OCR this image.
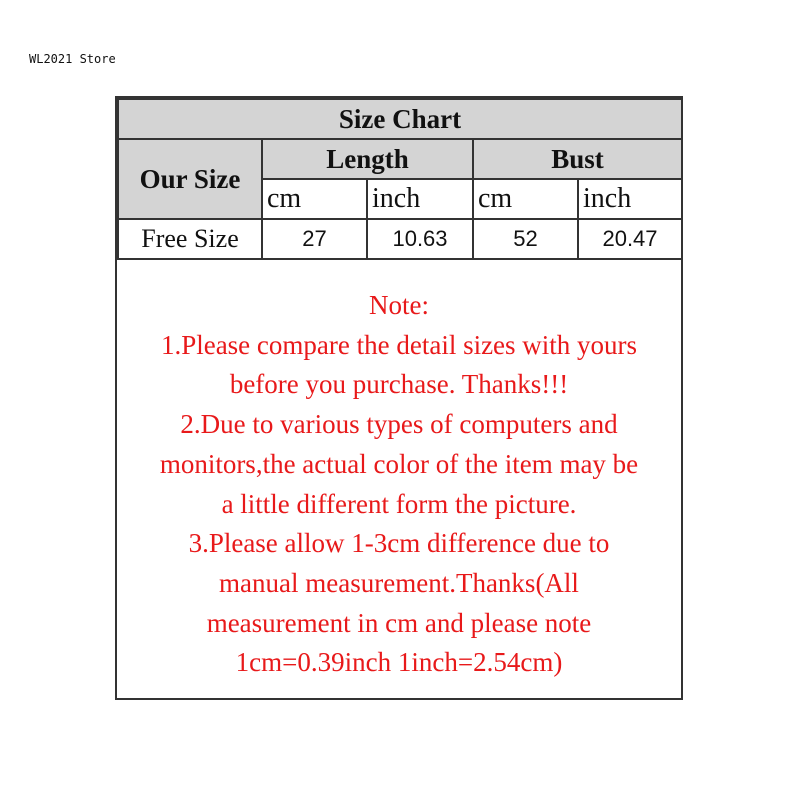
WL2021 Store
Size Chart				
Our Size	Length		Bust	
	cm	inch	cm	inch
Free Size	27	10.63	52	20.47
Note:
1.Please compare the detail sizes with yours
before you purchase. Thanks!!!
2.Due to various types of computers and
monitors,the actual color of the item may be
a little different form the picture.
3.Please allow 1-3cm difference due to
manual measurement.Thanks(All
measurement in cm and please note
1cm=0.39inch 1inch=2.54cm)
